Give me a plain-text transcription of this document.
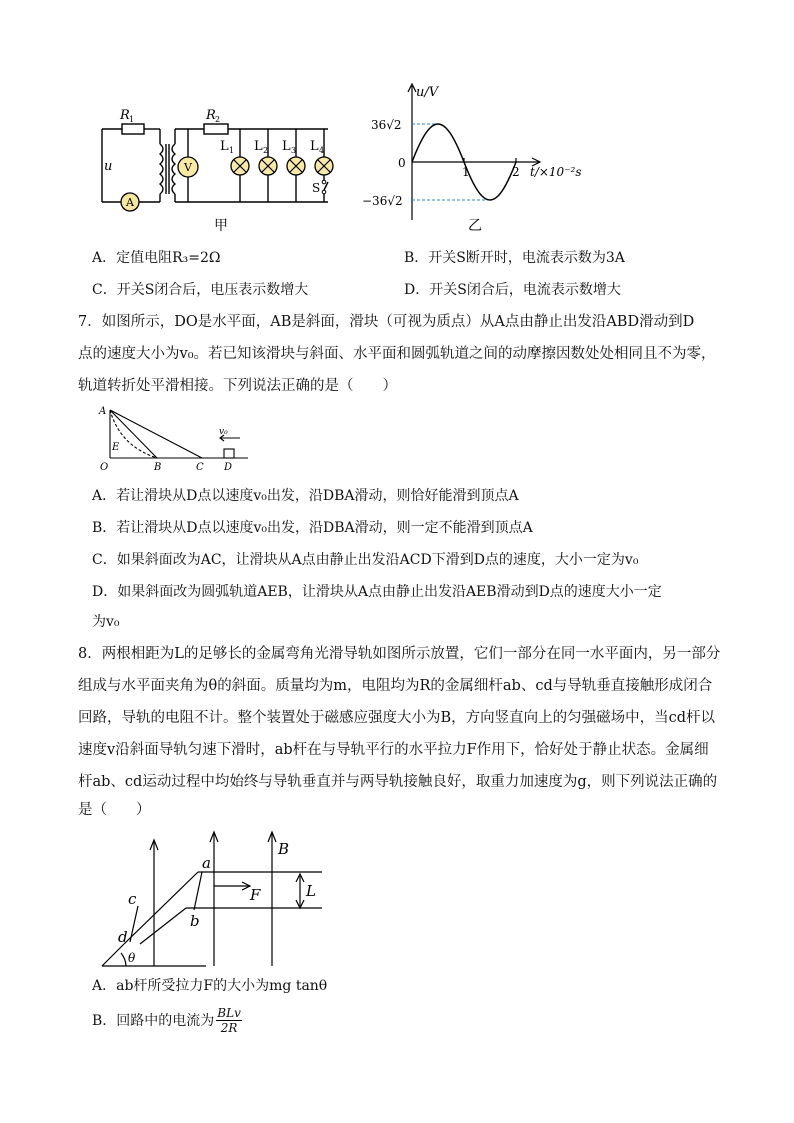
A
V
u
R 1	R 2
L 1 L 2 L 3 L 4
S
甲
u/V
36√2
0
−36√2
1	2 t/×10⁻²s
乙
A．定值电阻R₃=2Ω	B．开关S断开时，电流表示数为3A
C．开关S闭合后，电压表示数增大	D．开关S闭合后，电流表示数增大
7．如图所示，DO是水平面，AB是斜面，滑块（可视为质点）从A点由静止出发沿ABD滑动到D
点的速度大小为v₀。若已知该滑块与斜面、水平面和圆弧轨道之间的动摩擦因数处处相同且不为零，
轨道转折处平滑相接。下列说法正确的是（　　）
A
E
O	B	C D
v₀
A．若让滑块从D点以速度v₀出发，沿DBA滑动，则恰好能滑到顶点A
B．若让滑块从D点以速度v₀出发，沿DBA滑动，则一定不能滑到顶点A
C．如果斜面改为AC，让滑块从A点由静止出发沿ACD下滑到D点的速度，大小一定为v₀
D．如果斜面改为圆弧轨道AEB，让滑块从A点由静止出发沿AEB滑动到D点的速度大小一定
为v₀
8．两根相距为L的足够长的金属弯角光滑导轨如图所示放置，它们一部分在同一水平面内，另一部分
组成与水平面夹角为θ的斜面。质量均为m，电阻均为R的金属细杆ab、cd与导轨垂直接触形成闭合
回路，导轨的电阻不计。整个装置处于磁感应强度大小为B，方向竖直向上的匀强磁场中，当cd杆以
速度v沿斜面导轨匀速下滑时，ab杆在与导轨平行的水平拉力F作用下，恰好处于静止状态。金属细
杆ab、cd运动过程中均始终与导轨垂直并与两导轨接触良好，取重力加速度为g，则下列说法正确的
是（　　）
a
b
c
d
B
F	L
θ
A．ab杆所受拉力F的大小为mg tanθ
B．回路中的电流为 BLv
2R
